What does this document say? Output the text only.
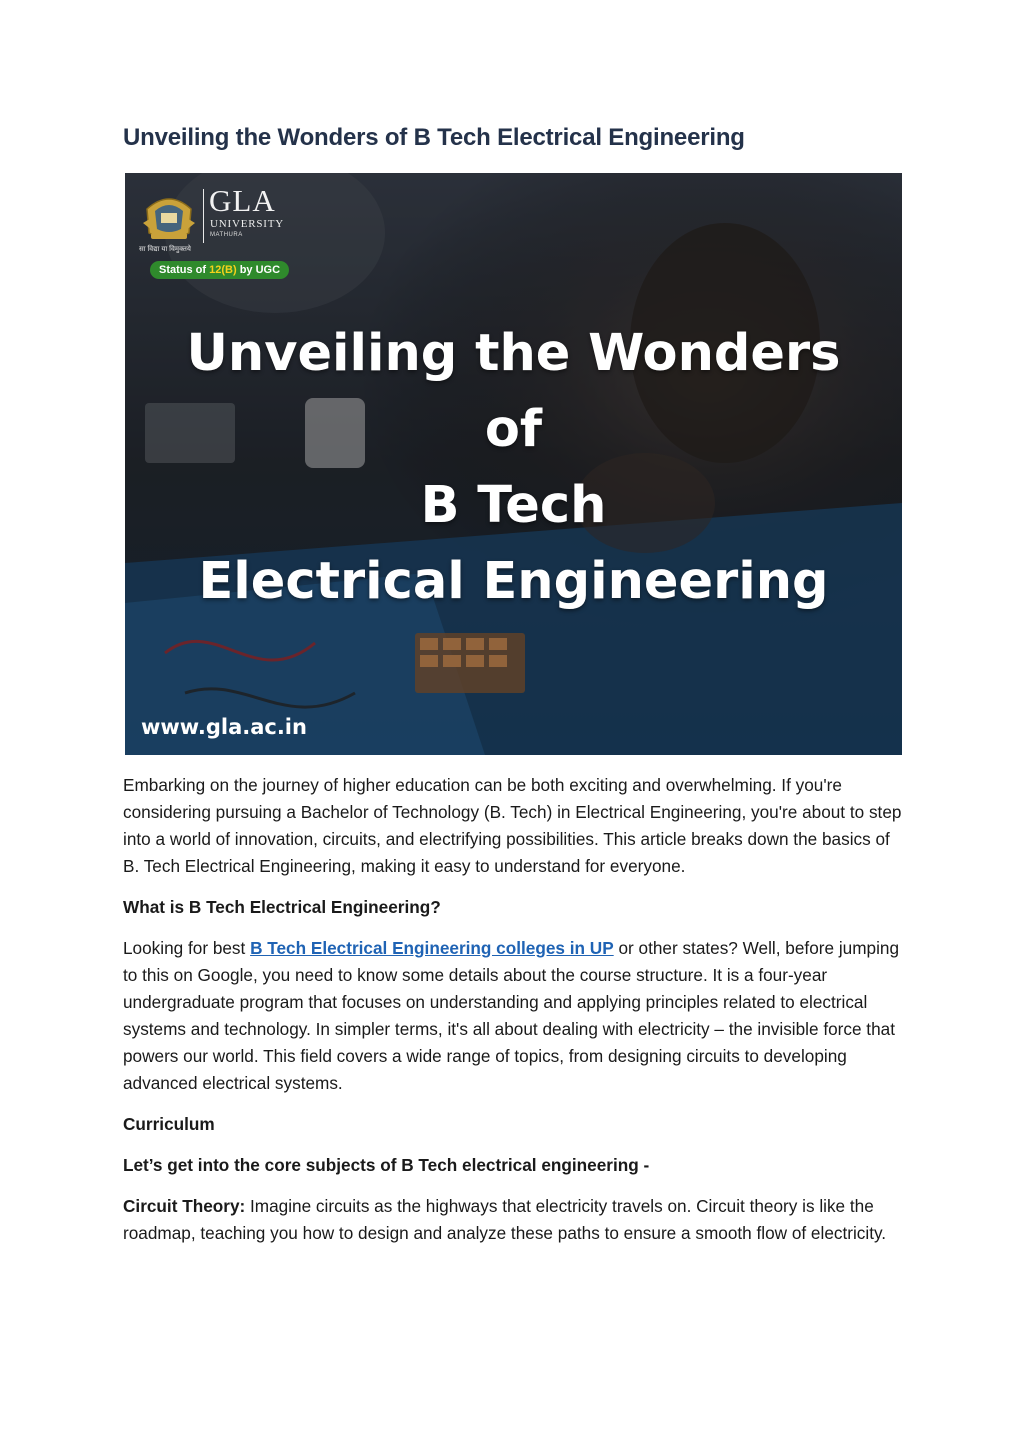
Unveiling the Wonders of B Tech Electrical Engineering
GLA
UNIVERSITY
MATHURA
सा विद्या या विमुक्तये
Status of 12(B) by UGC
Unveiling the Wonders
of
B Tech
Electrical Engineering
www.gla.ac.in

Embarking on the journey of higher education can be both exciting and overwhelming. If you're considering pursuing a Bachelor of Technology (B. Tech) in Electrical Engineering, you're about to step into a world of innovation, circuits, and electrifying possibilities. This article breaks down the basics of B. Tech Electrical Engineering, making it easy to understand for everyone.

What is B Tech Electrical Engineering?

Looking for best B Tech Electrical Engineering colleges in UP or other states? Well, before jumping to this on Google, you need to know some details about the course structure. It is a four-year undergraduate program that focuses on understanding and applying principles related to electrical systems and technology. In simpler terms, it's all about dealing with electricity – the invisible force that powers our world. This field covers a wide range of topics, from designing circuits to developing advanced electrical systems.

Curriculum

Let’s get into the core subjects of B Tech electrical engineering -

Circuit Theory: Imagine circuits as the highways that electricity travels on. Circuit theory is like the roadmap, teaching you how to design and analyze these paths to ensure a smooth flow of electricity.
